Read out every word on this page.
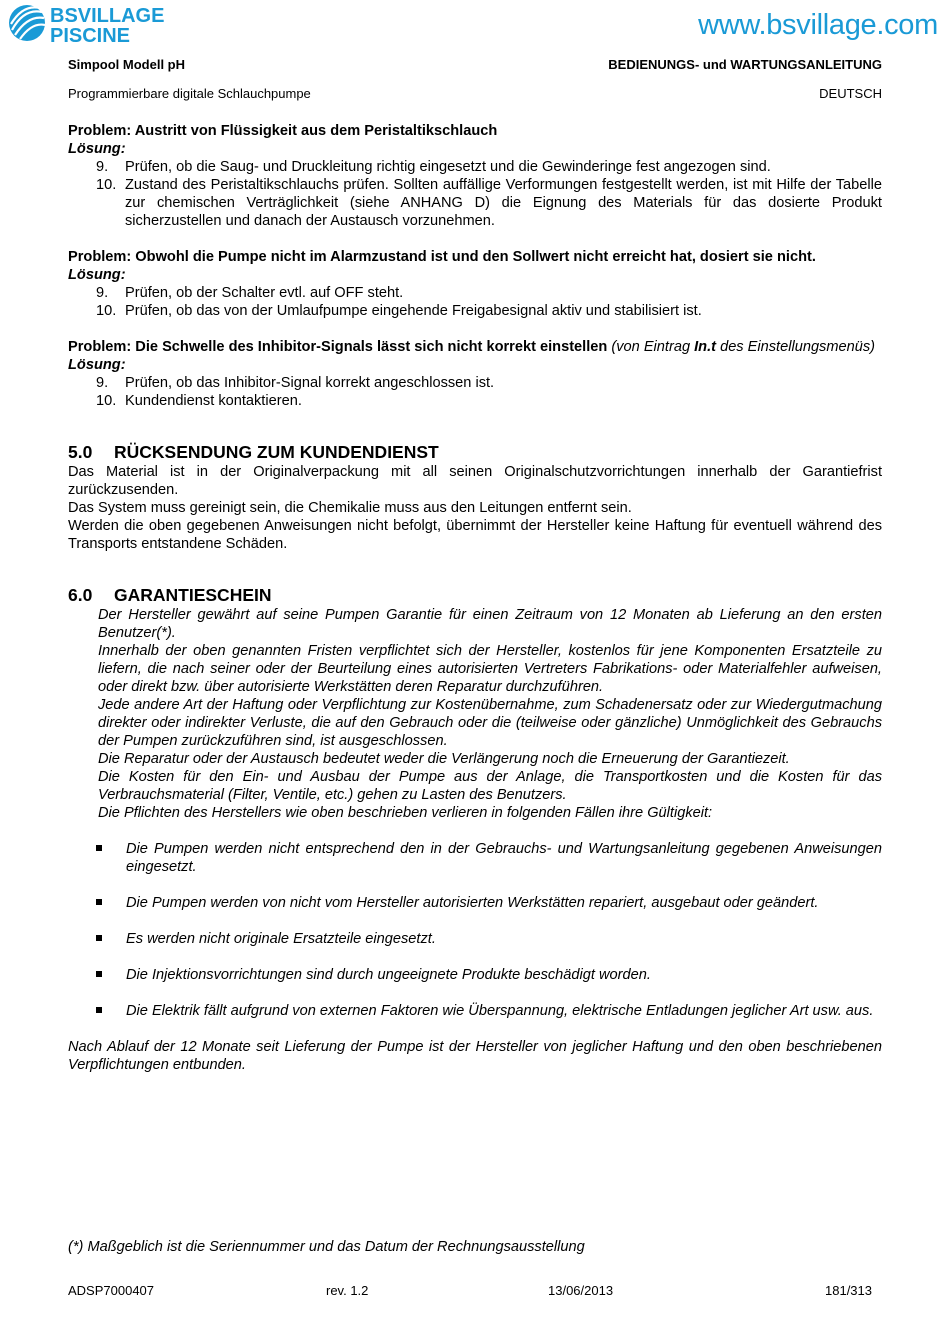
BSVILLAGE
PISCINE	www.bsvillage.com
Simpool Modell pH	BEDIENUNGS- und WARTUNGSANLEITUNG
Programmierbare digitale Schlauchpumpe	DEUTSCH

Problem: Austritt von Flüssigkeit aus dem Peristaltikschlauch

Lösung:

9. Prüfen, ob die Saug- und Druckleitung richtig eingesetzt und die Gewinderinge fest angezogen sind.
10. Zustand des Peristaltikschlauchs prüfen. Sollten auffällige Verformungen festgestellt werden, ist mit Hilfe der Tabelle zur chemischen Verträglichkeit (siehe ANHANG D) die Eignung des Materials für das dosierte Produkt sicherzustellen und danach der Austausch vorzunehmen.

Problem: Obwohl die Pumpe nicht im Alarmzustand ist und den Sollwert nicht erreicht hat, dosiert sie nicht.

Lösung:

9. Prüfen, ob der Schalter evtl. auf OFF steht.
10. Prüfen, ob das von der Umlaufpumpe eingehende Freigabesignal aktiv und stabilisiert ist.

Problem: Die Schwelle des Inhibitor-Signals lässt sich nicht korrekt einstellen (von Eintrag In.t des Einstellungsmenüs)

Lösung:

9. Prüfen, ob das Inhibitor-Signal korrekt angeschlossen ist.
10. Kundendienst kontaktieren.
5.0 RÜCKSENDUNG ZUM KUNDENDIENST

Das Material ist in der Originalverpackung mit all seinen Originalschutzvorrichtungen innerhalb der Garantiefrist zurückzusenden.

Das System muss gereinigt sein, die Chemikalie muss aus den Leitungen entfernt sein.

Werden die oben gegebenen Anweisungen nicht befolgt, übernimmt der Hersteller keine Haftung für eventuell während des Transports entstandene Schäden.

6.0 GARANTIESCHEIN

Der Hersteller gewährt auf seine Pumpen Garantie für einen Zeitraum von 12 Monaten ab Lieferung an den ersten Benutzer(*).

Innerhalb der oben genannten Fristen verpflichtet sich der Hersteller, kostenlos für jene Komponenten Ersatzteile zu liefern, die nach seiner oder der Beurteilung eines autorisierten Vertreters Fabrikations- oder Materialfehler aufweisen, oder direkt bzw. über autorisierte Werkstätten deren Reparatur durchzuführen.

Jede andere Art der Haftung oder Verpflichtung zur Kostenübernahme, zum Schadenersatz oder zur Wiedergutmachung direkter oder indirekter Verluste, die auf den Gebrauch oder die (teilweise oder gänzliche) Unmöglichkeit des Gebrauchs der Pumpen zurückzuführen sind, ist ausgeschlossen.

Die Reparatur oder der Austausch bedeutet weder die Verlängerung noch die Erneuerung der Garantiezeit.

Die Kosten für den Ein- und Ausbau der Pumpe aus der Anlage, die Transportkosten und die Kosten für das Verbrauchsmaterial (Filter, Ventile, etc.) gehen zu Lasten des Benutzers.

Die Pflichten des Herstellers wie oben beschrieben verlieren in folgenden Fällen ihre Gültigkeit:

Die Pumpen werden nicht entsprechend den in der Gebrauchs- und Wartungsanleitung gegebenen Anweisungen eingesetzt.
Die Pumpen werden von nicht vom Hersteller autorisierten Werkstätten repariert, ausgebaut oder geändert.
Es werden nicht originale Ersatzteile eingesetzt.
Die Injektionsvorrichtungen sind durch ungeeignete Produkte beschädigt worden.
Die Elektrik fällt aufgrund von externen Faktoren wie Überspannung, elektrische Entladungen jeglicher Art usw. aus.

Nach Ablauf der 12 Monate seit Lieferung der Pumpe ist der Hersteller von jeglicher Haftung und den oben beschriebenen Verpflichtungen entbunden.

(*) Maßgeblich ist die Seriennummer und das Datum der Rechnungsausstellung
ADSP7000407	rev. 1.2	13/06/2013	181/313
